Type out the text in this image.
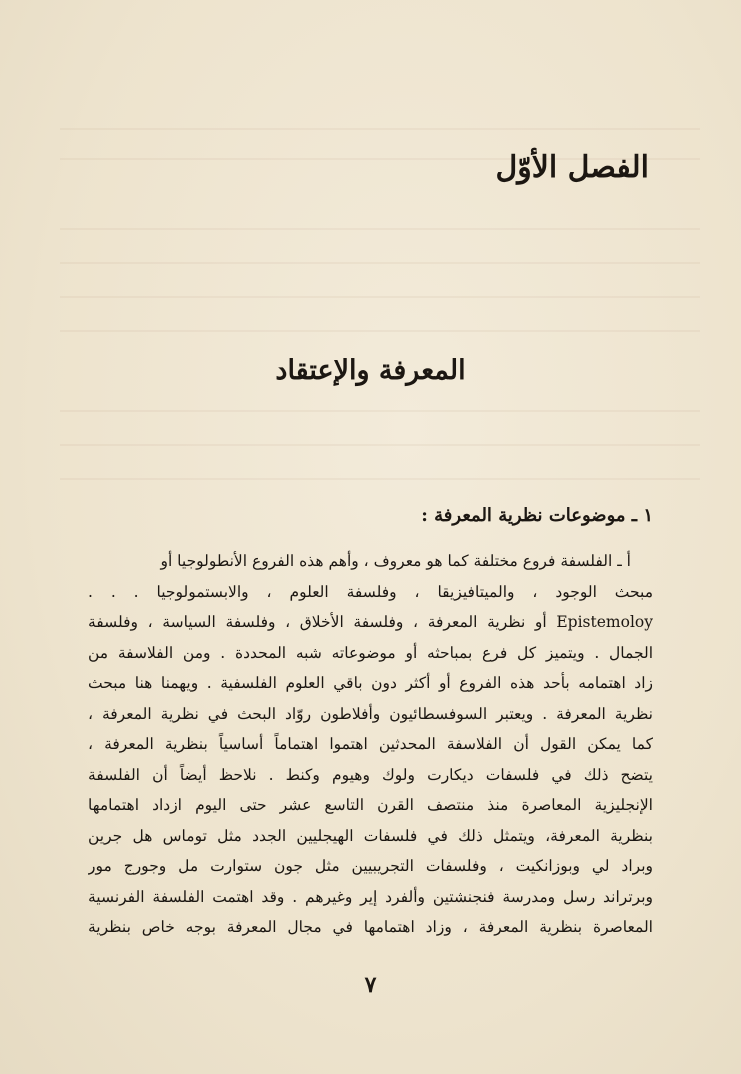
الفصل الأوّل
المعرفة والإعتقاد
١ ـ موضوعات نظرية المعرفة :
أ ـ الفلسفة فروع مختلفة كما هو معروف ، وأهم هذه الفروع الأنطولوجيا أو
مبحث الوجود ، والميتافيزيقا ، وفلسفة العلوم ، والابستمولوجيا . . .
Epistemoloy أو نظرية المعرفة ، وفلسفة الأخلاق ، وفلسفة السياسة ، وفلسفة
الجمال . ويتميز كل فرع بمباحثه أو موضوعاته شبه المحددة . ومن الفلاسفة من
زاد اهتمامه بأحد هذه الفروع أو أكثر دون باقي العلوم الفلسفية . ويهمنا هنا مبحث
نظرية المعرفة . ويعتبر السوفسطائيون وأفلاطون روّاد البحث في نظرية المعرفة ،
كما يمكن القول أن الفلاسفة المحدثين اهتموا اهتماماً أساسياً بنظرية المعرفة ،
يتضح ذلك في فلسفات ديكارت ولوك وهيوم وكنط . نلاحظ أيضاً أن الفلسفة
الإنجليزية المعاصرة منذ منتصف القرن التاسع عشر حتى اليوم ازداد اهتمامها
بنظرية المعرفة، ويتمثل ذلك في فلسفات الهيجليين الجدد مثل توماس هل جرين
وبراد لي وبوزانكيت ، وفلسفات التجريبيين مثل جون ستوارت مل وجورج مور
وبرتراند رسل ومدرسة فنجنشتين وألفرد إير وغيرهم . وقد اهتمت الفلسفة الفرنسية
المعاصرة بنظرية المعرفة ، وزاد اهتمامها في مجال المعرفة بوجه خاص بنظرية
٧
